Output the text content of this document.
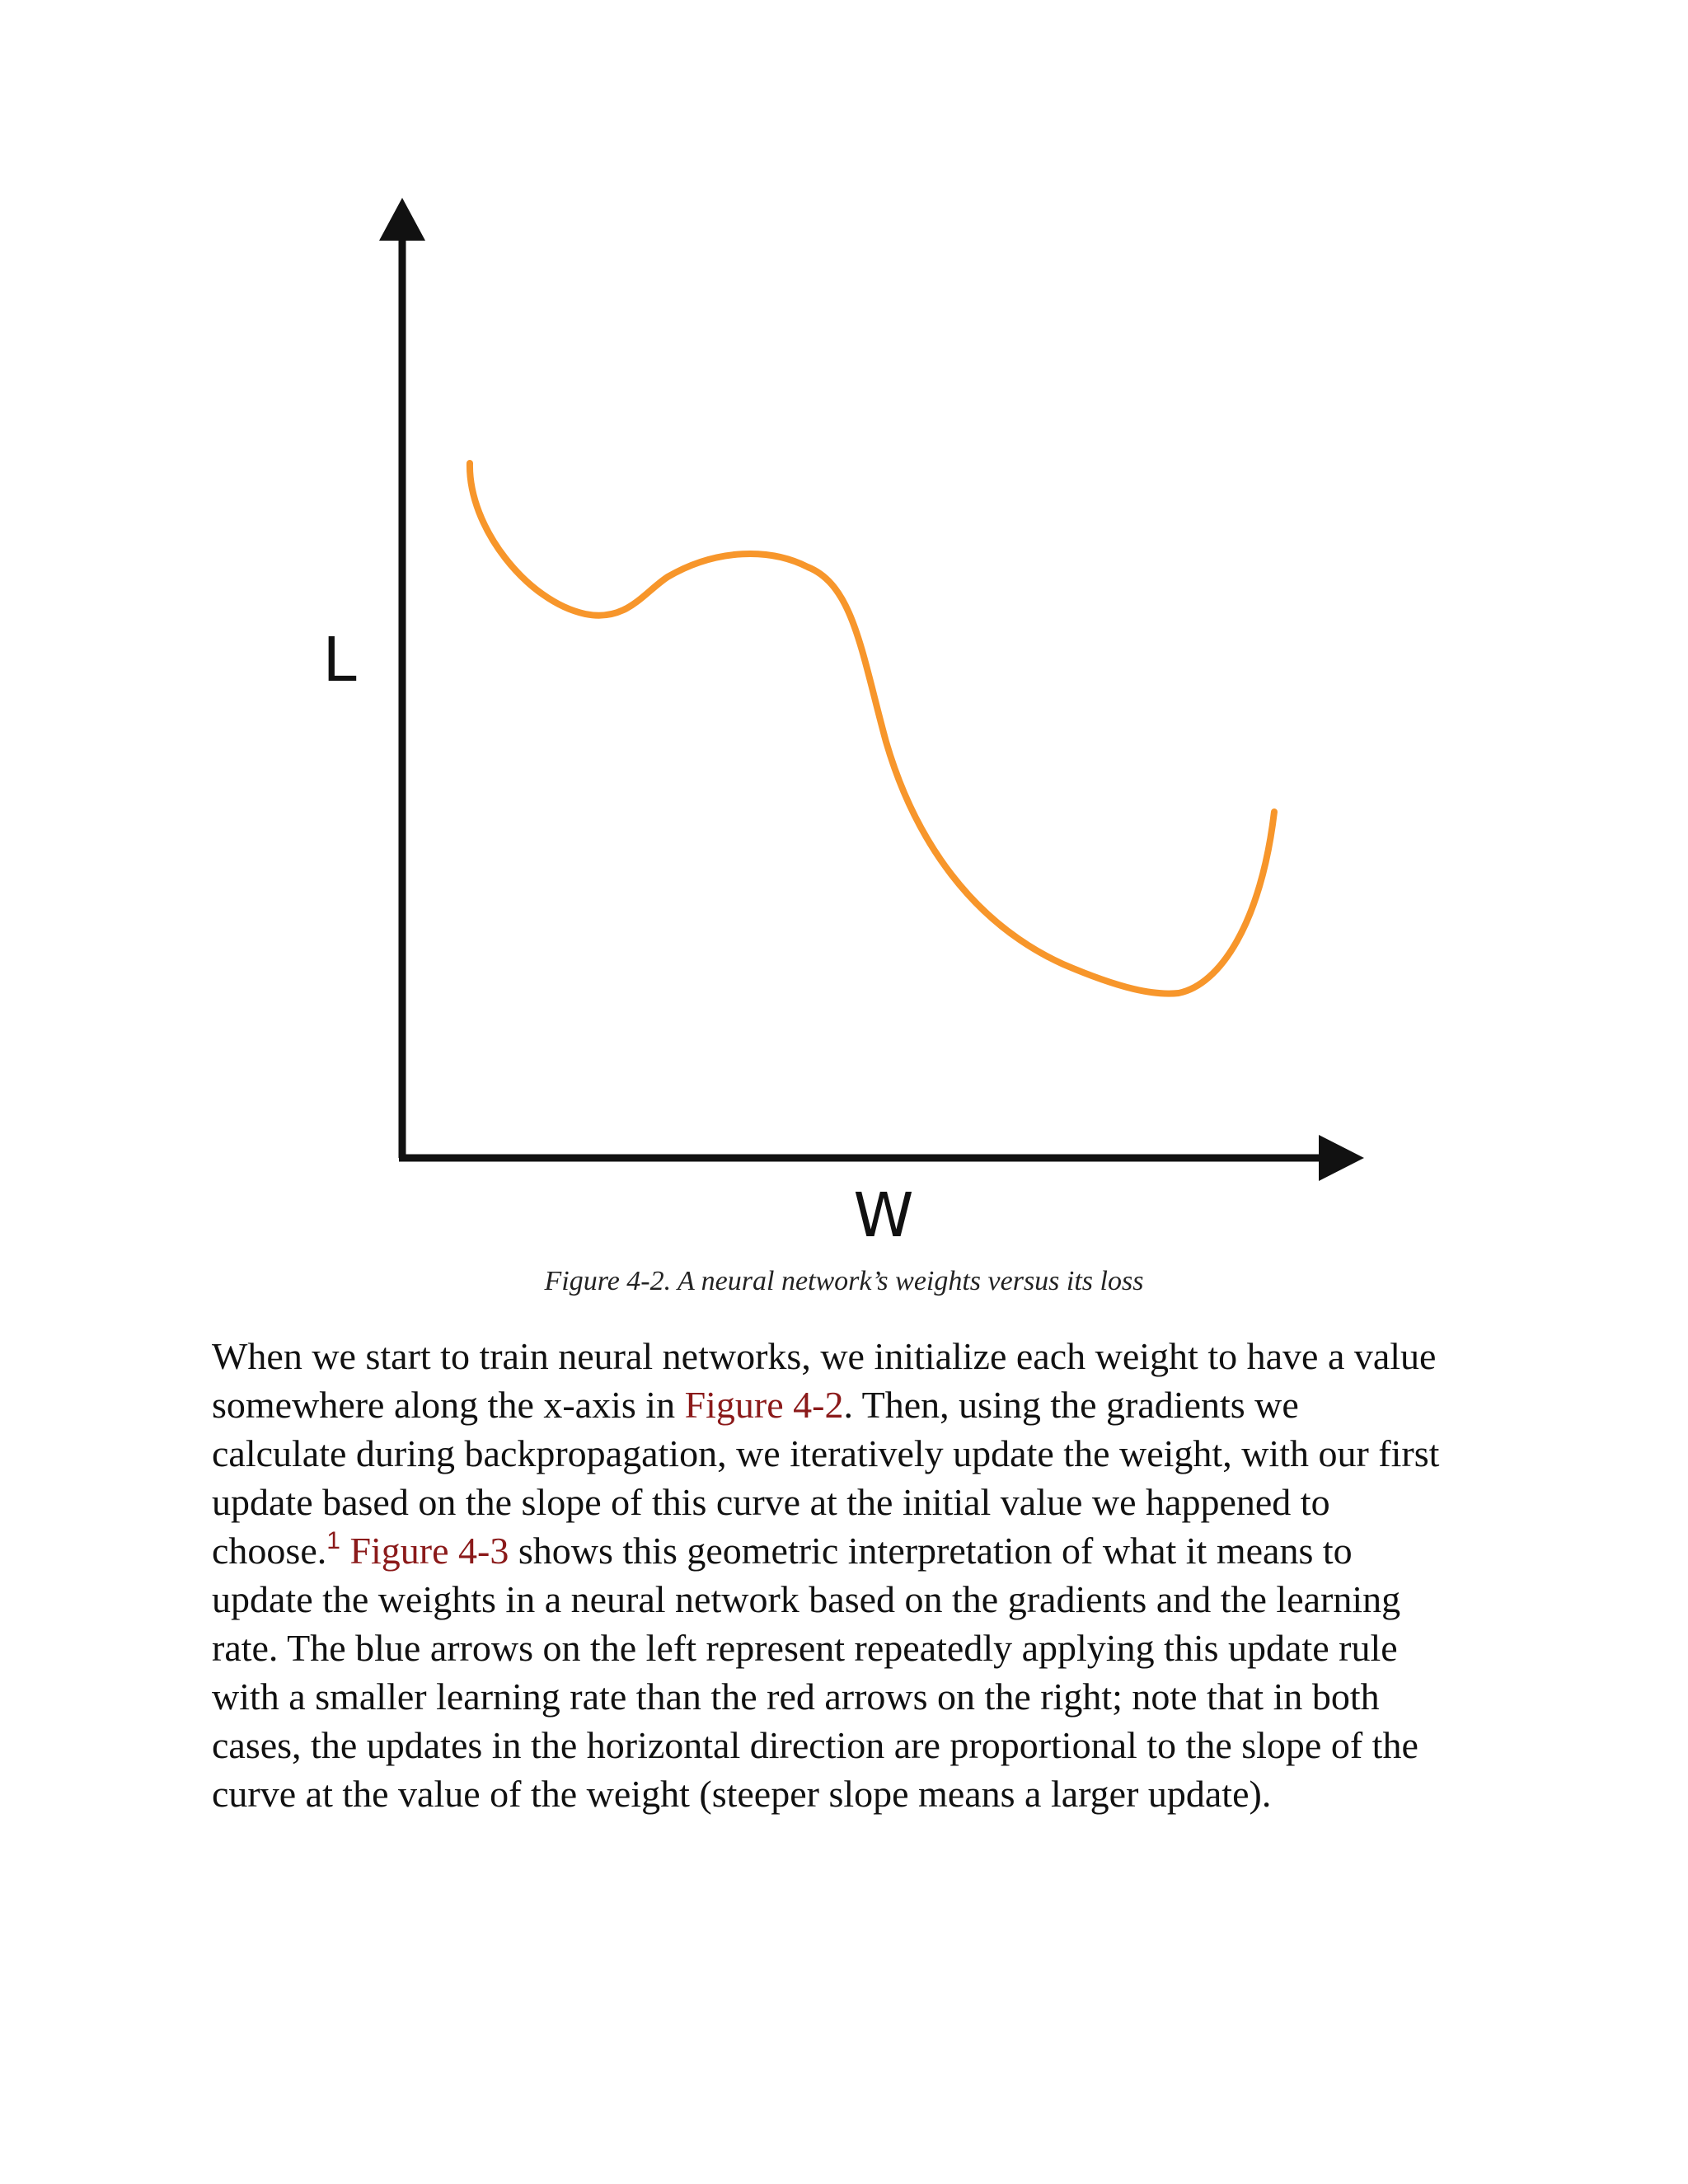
L
W
Figure 4-2. A neural network’s weights versus its loss
When we start to train neural networks, we initialize each weight to have a value
somewhere along the x-axis in Figure 4-2. Then, using the gradients we
calculate during backpropagation, we iteratively update the weight, with our first
update based on the slope of this curve at the initial value we happened to
choose.$^1$ Figure 4-3 shows this geometric interpretation of what it means to
update the weights in a neural network based on the gradients and the learning
rate. The blue arrows on the left represent repeatedly applying this update rule
with a smaller learning rate than the red arrows on the right; note that in both
cases, the updates in the horizontal direction are proportional to the slope of the
curve at the value of the weight (steeper slope means a larger update).
